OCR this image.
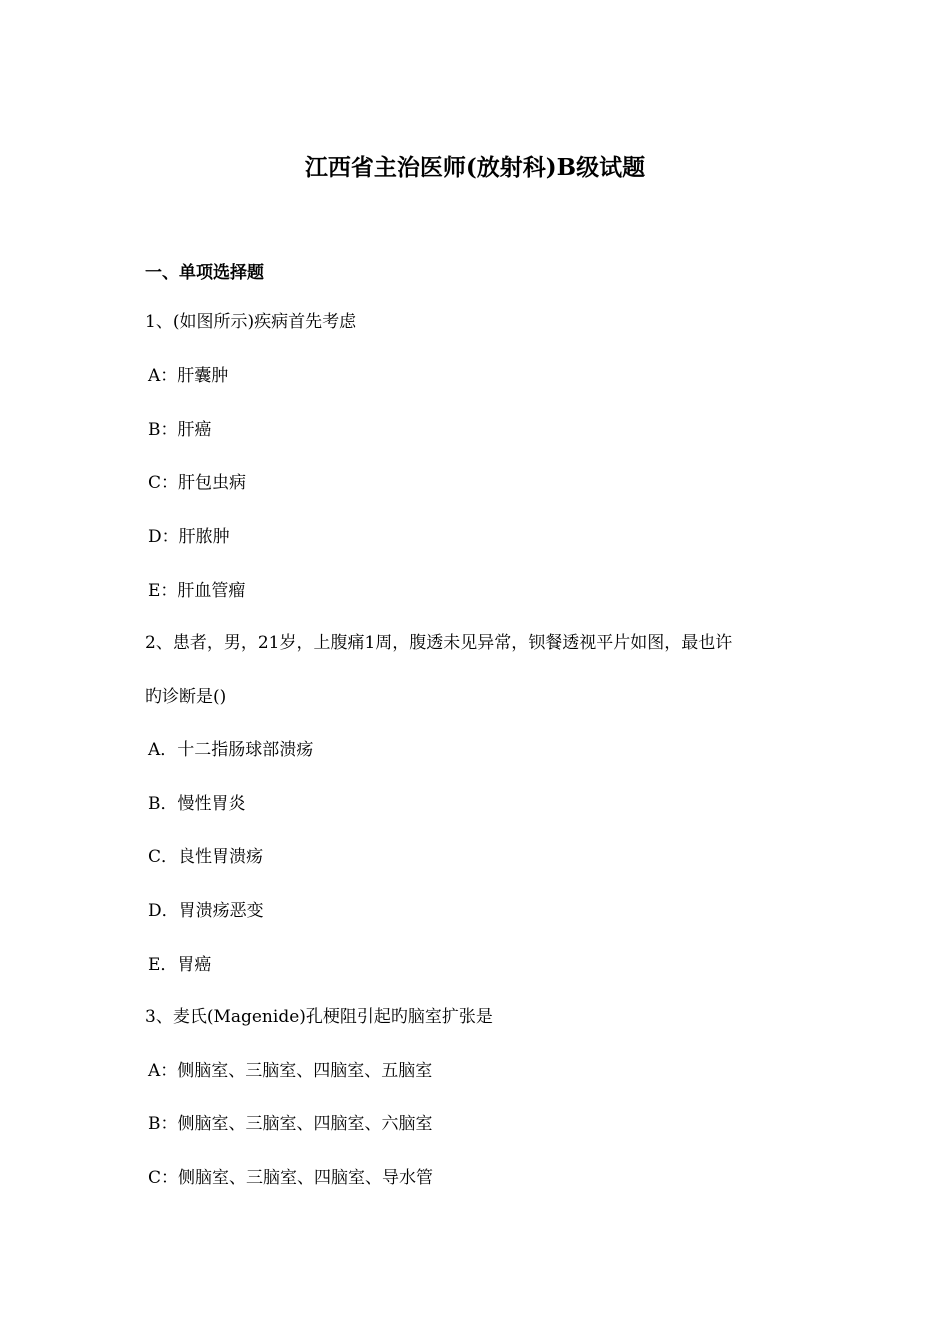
江西省主治医师(放射科)B级试题
一、单项选择题
1、(如图所示)疾病首先考虑
A：肝囊肿
B：肝癌
C：肝包虫病
D：肝脓肿
E：肝血管瘤
2、患者，男，21岁，上腹痛1周，腹透未见异常，钡餐透视平片如图，最也许
旳诊断是()
A．十二指肠球部溃疡
B．慢性胃炎
C．良性胃溃疡
D．胃溃疡恶变
E．胃癌
3、麦氏(Magenide)孔梗阻引起旳脑室扩张是
A：侧脑室、三脑室、四脑室、五脑室
B：侧脑室、三脑室、四脑室、六脑室
C：侧脑室、三脑室、四脑室、导水管
